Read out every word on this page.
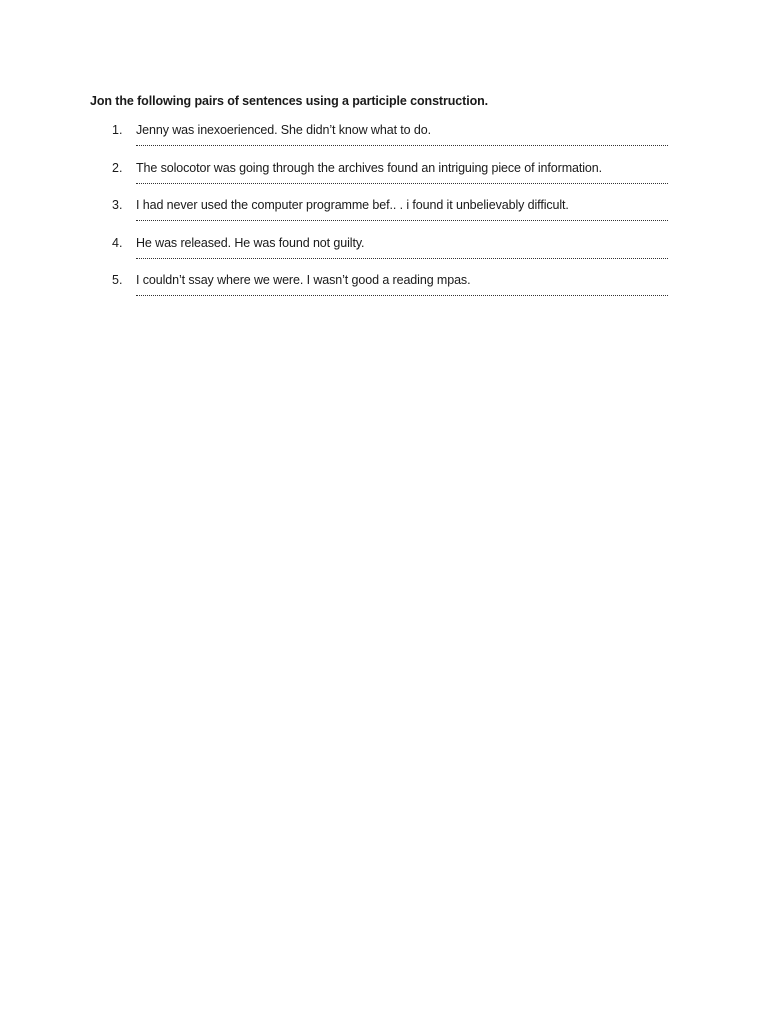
Jon the following pairs of sentences using a participle construction.
1. Jenny was inexoerienced. She didn’t know what to do.
2. The solocotor was going through the archives found an intriguing piece of information.
3. I had never used the computer programme bef.. . i found it unbelievably difficult.
4. He was released. He was found not guilty.
5. I couldn’t ssay where we were. I wasn’t good a reading mpas.
